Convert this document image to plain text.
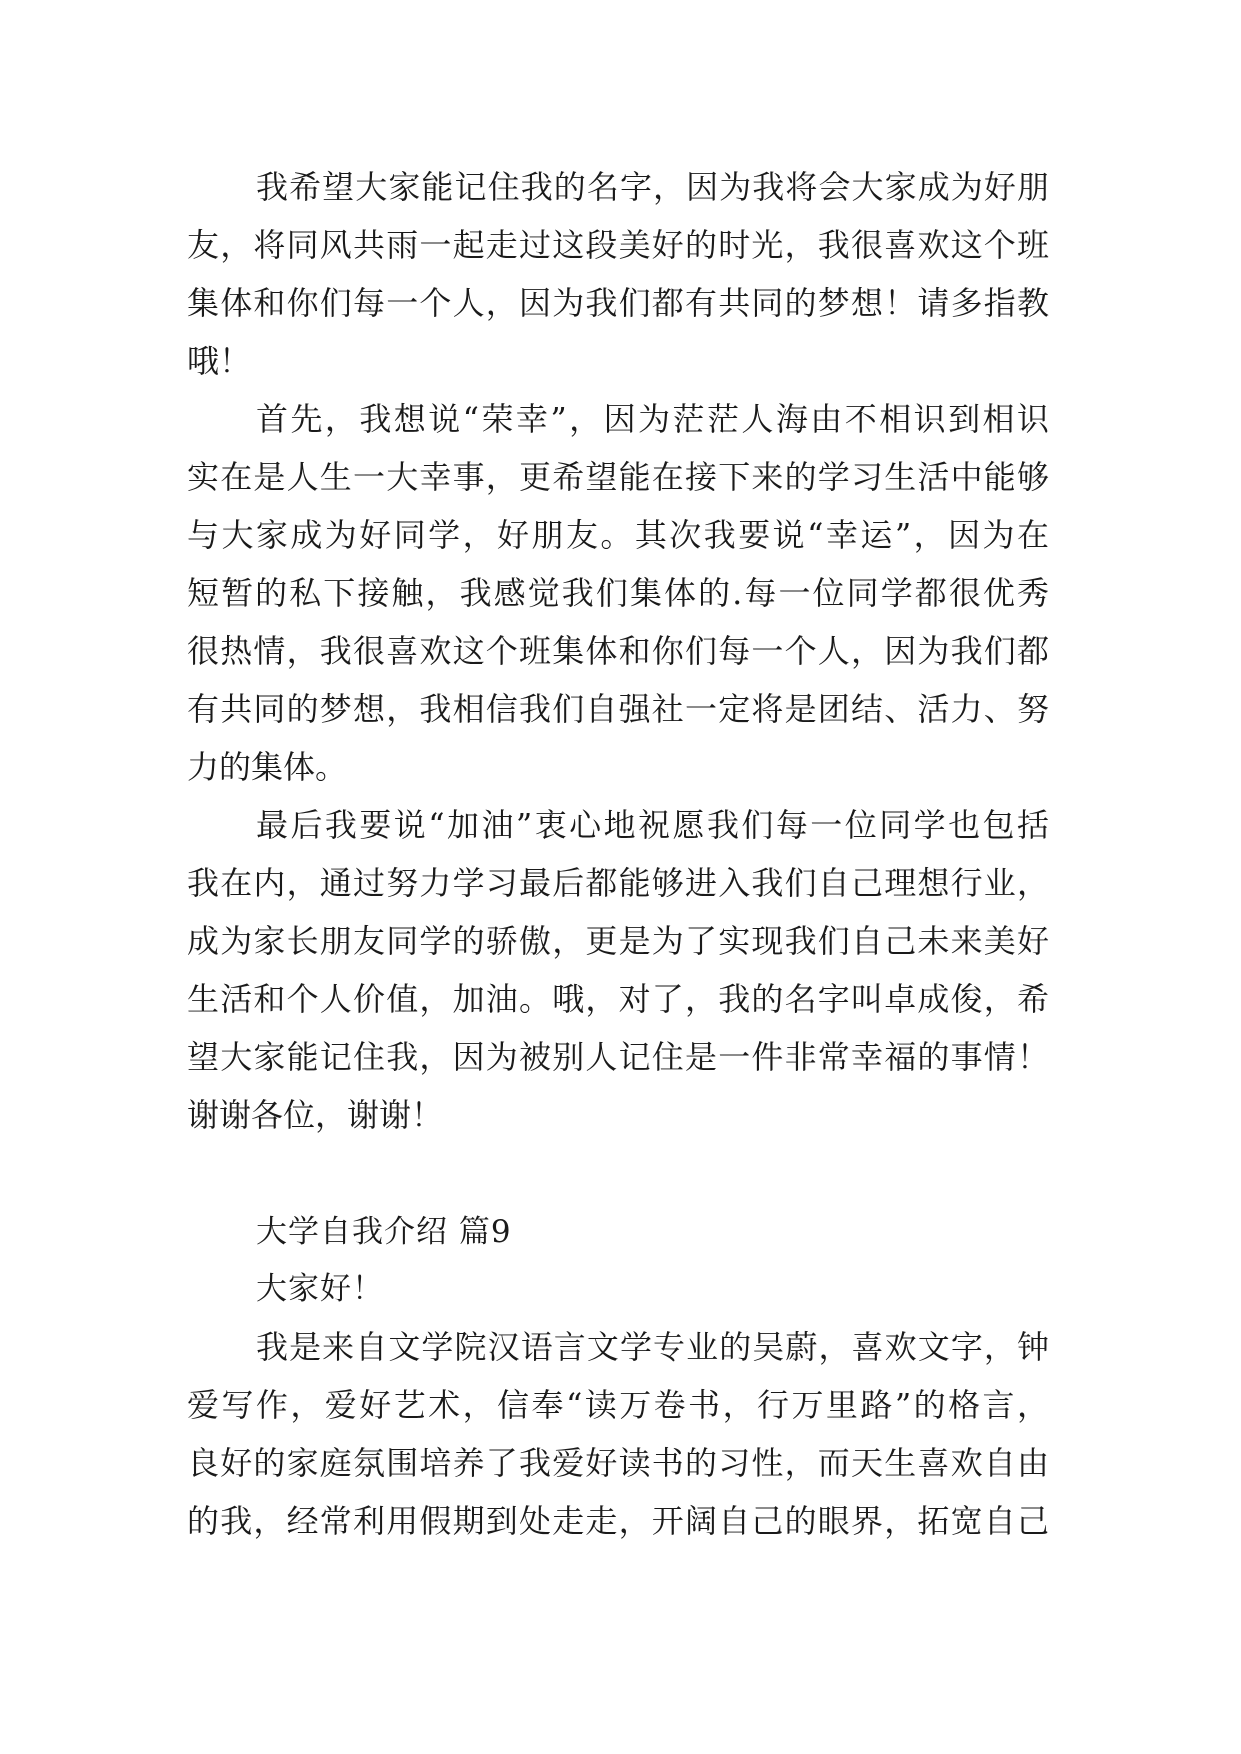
我希望大家能记住我的名字，因为我将会大家成为好朋
友，将同风共雨一起走过这段美好的时光，我很喜欢这个班
集体和你们每一个人，因为我们都有共同的梦想！请多指教
哦！
首先，我想说“荣幸”，因为茫茫人海由不相识到相识
实在是人生一大幸事，更希望能在接下来的学习生活中能够
与大家成为好同学，好朋友。其次我要说“幸运”，因为在
短暂的私下接触，我感觉我们集体的.每一位同学都很优秀
很热情，我很喜欢这个班集体和你们每一个人，因为我们都
有共同的梦想，我相信我们自强社一定将是团结、活力、努
力的集体。
最后我要说“加油”衷心地祝愿我们每一位同学也包括
我在内，通过努力学习最后都能够进入我们自己理想行业，
成为家长朋友同学的骄傲，更是为了实现我们自己未来美好
生活和个人价值，加油。哦，对了，我的名字叫卓成俊，希
望大家能记住我，因为被别人记住是一件非常幸福的事情！
谢谢各位，谢谢！
大学自我介绍 篇9
大家好！
我是来自文学院汉语言文学专业的吴蔚，喜欢文字，钟
爱写作，爱好艺术，信奉“读万卷书，行万里路”的格言，
良好的家庭氛围培养了我爱好读书的习性，而天生喜欢自由
的我，经常利用假期到处走走，开阔自己的眼界，拓宽自己
